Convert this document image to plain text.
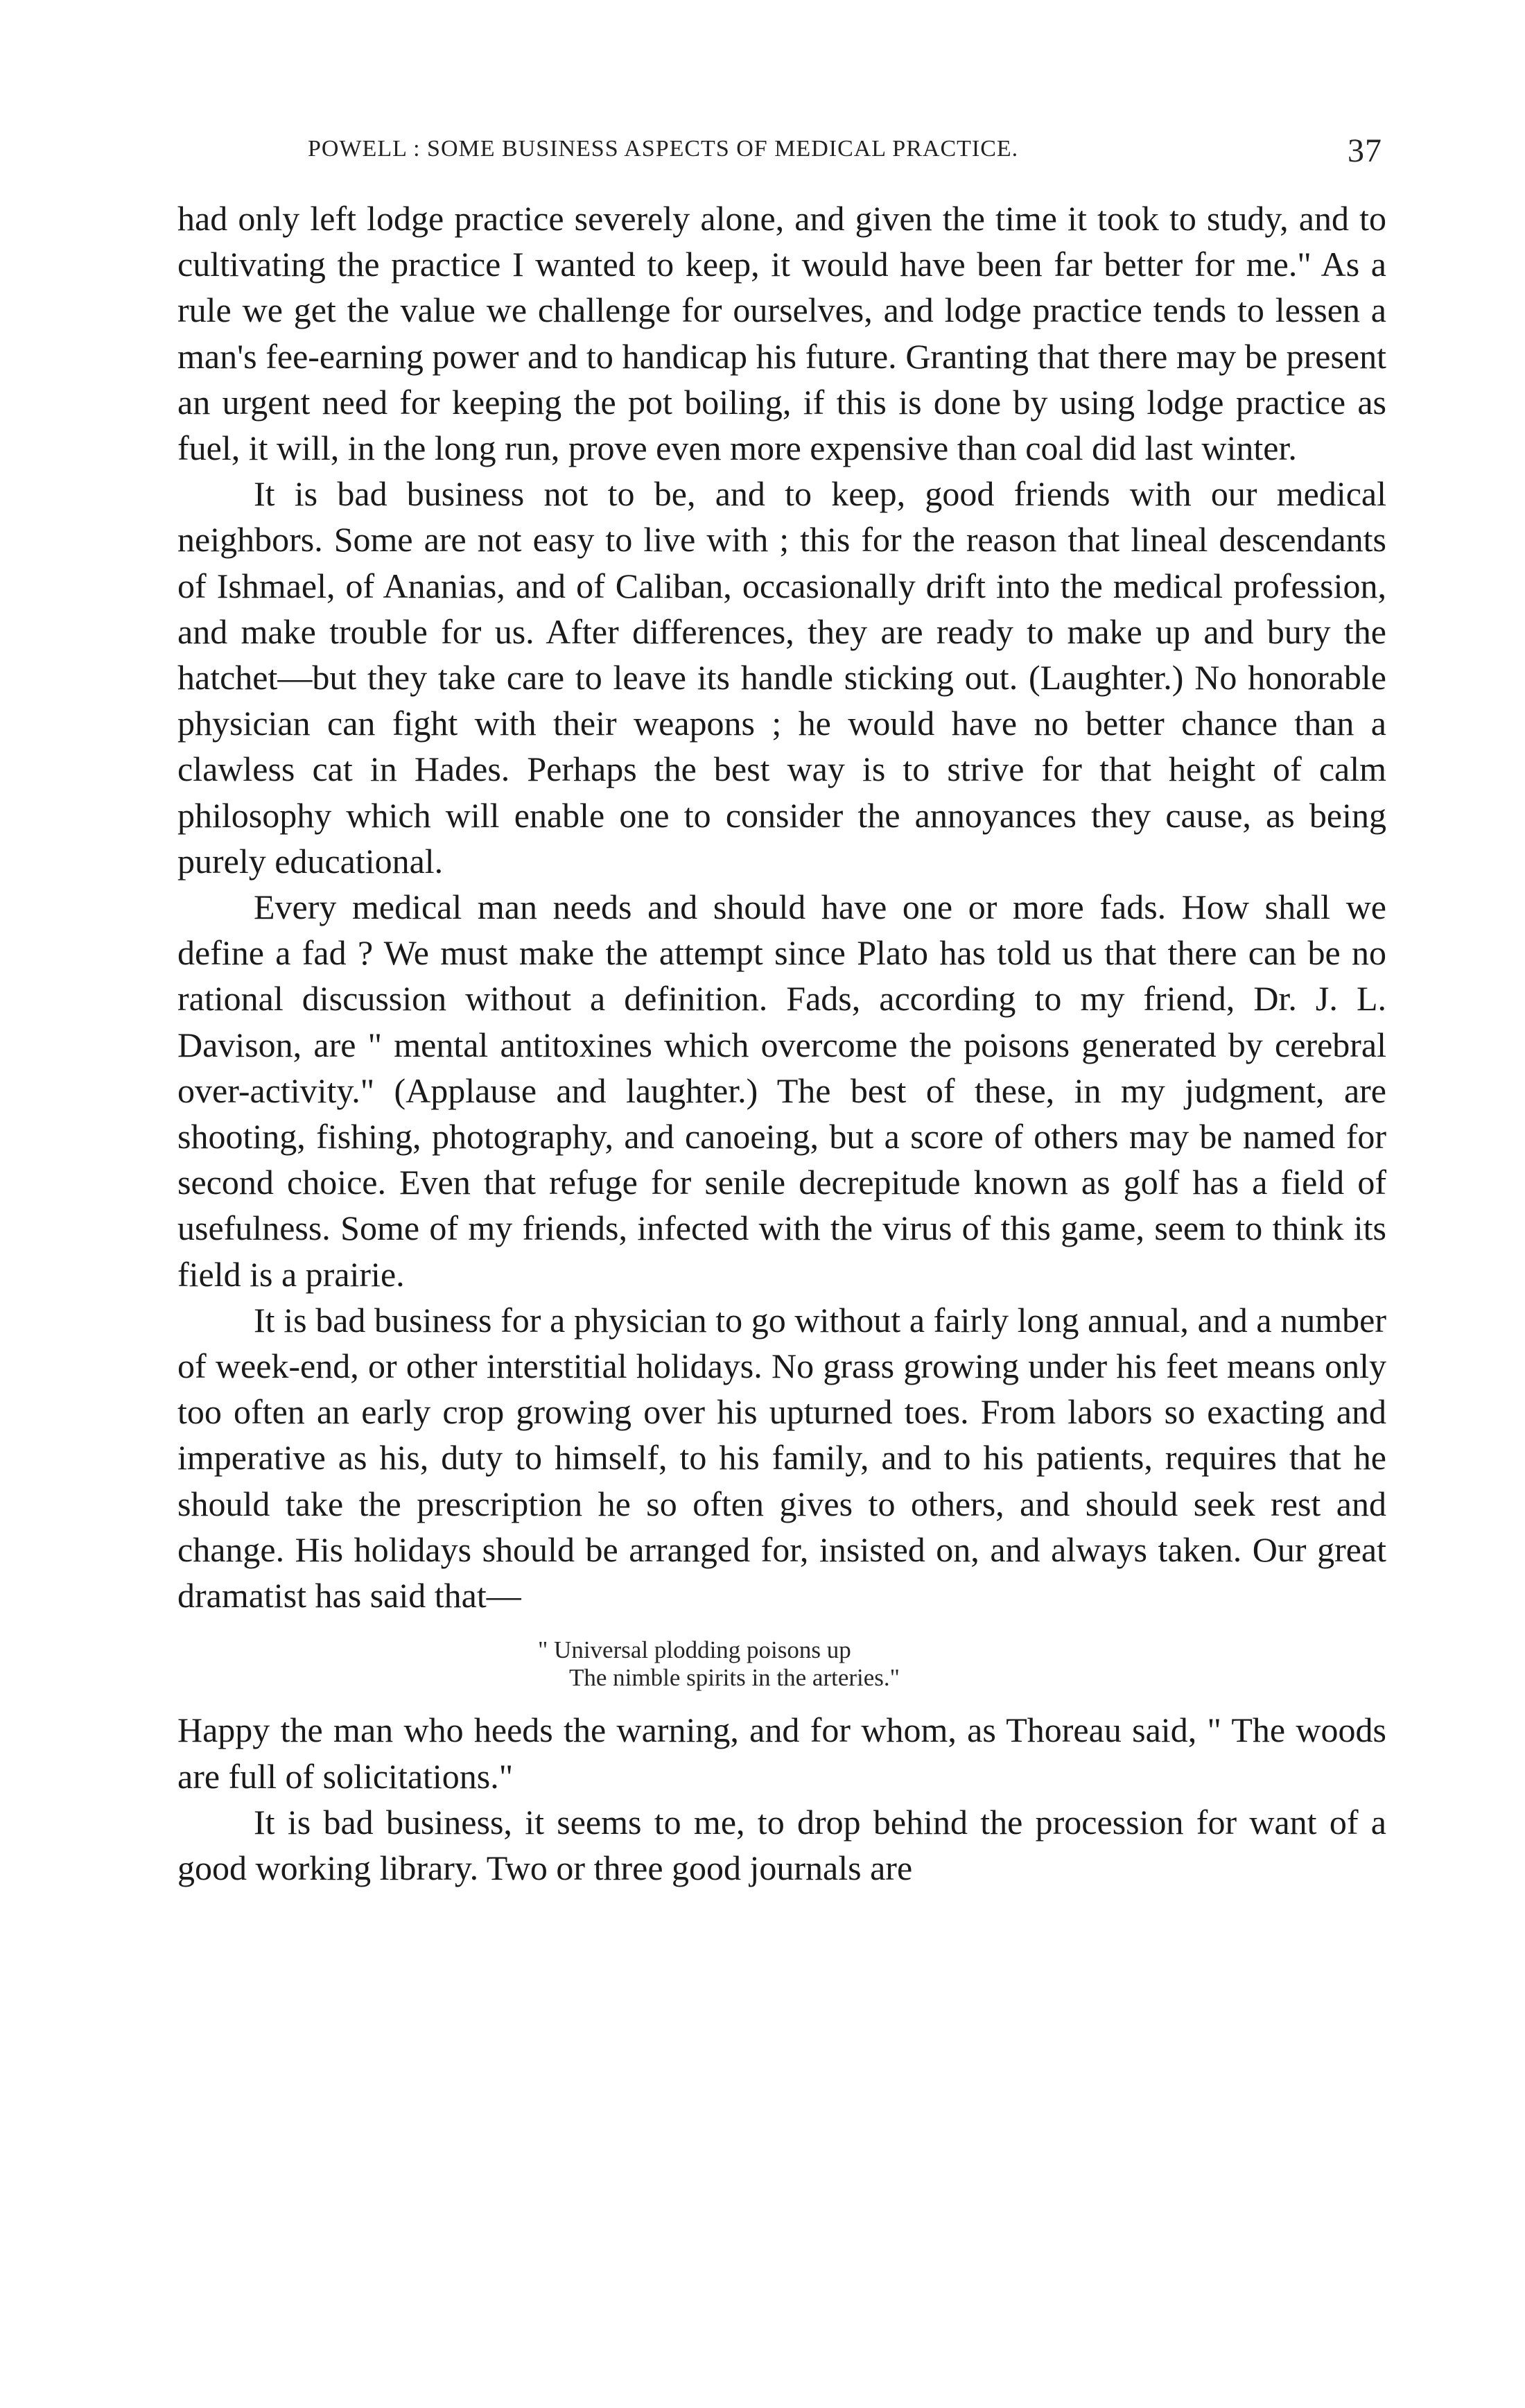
POWELL : SOME BUSINESS ASPECTS OF MEDICAL PRACTICE.	37

had only left lodge practice severely alone, and given the time it took to study, and to cultivating the practice I wanted to keep, it would have been far better for me." As a rule we get the value we challenge for ourselves, and lodge practice tends to lessen a man's fee-earning power and to handicap his future. Granting that there may be present an urgent need for keeping the pot boiling, if this is done by using lodge practice as fuel, it will, in the long run, prove even more expensive than coal did last winter.

It is bad business not to be, and to keep, good friends with our medical neighbors. Some are not easy to live with ; this for the reason that lineal descendants of Ishmael, of Ananias, and of Caliban, occasionally drift into the medical profession, and make trouble for us. After differences, they are ready to make up and bury the hatchet—but they take care to leave its handle sticking out. (Laughter.) No honorable physician can fight with their weapons ; he would have no better chance than a clawless cat in Hades. Perhaps the best way is to strive for that height of calm philosophy which will enable one to consider the annoyances they cause, as being purely educational.

Every medical man needs and should have one or more fads. How shall we define a fad ? We must make the attempt since Plato has told us that there can be no rational discussion without a definition. Fads, according to my friend, Dr. J. L. Davison, are " mental antitoxines which overcome the poisons generated by cerebral over-activity." (Applause and laughter.) The best of these, in my judgment, are shooting, fishing, photography, and canoeing, but a score of others may be named for second choice. Even that refuge for senile decrepitude known as golf has a field of usefulness. Some of my friends, infected with the virus of this game, seem to think its field is a prairie.

It is bad business for a physician to go without a fairly long annual, and a number of week-end, or other interstitial holidays. No grass growing under his feet means only too often an early crop growing over his upturned toes. From labors so exacting and imperative as his, duty to himself, to his family, and to his patients, requires that he should take the prescription he so often gives to others, and should seek rest and change. His holidays should be arranged for, insisted on, and always taken. Our great dramatist has said that—

" Universal plodding poisons up
The nimble spirits in the arteries."

Happy the man who heeds the warning, and for whom, as Thoreau said, " The woods are full of solicitations."

It is bad business, it seems to me, to drop behind the procession for want of a good working library. Two or three good journals are
